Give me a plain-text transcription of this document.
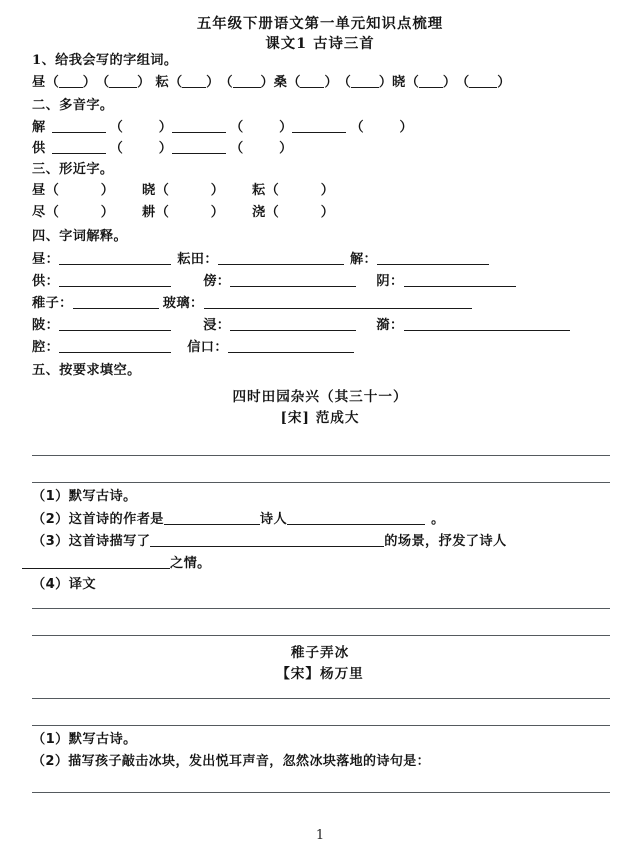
五年级下册语文第一单元知识点梳理
课文1 古诗三首
1、给我会写的字组词。
昼（ ）（ ） 耘（ ）（ ）桑（ ）（ ）晓（ ）（ ）
二、多音字。
解	（	）	（	）	（	）
供	（	）	（	）
三、形近字。
昼（	） 晓（	） 耘（	）
尽（	） 耕（	） 浇（	）
四、字词解释。
昼：	耘田：	解：
供：	傍：	阴：
稚子：	玻璃：
陂：	浸：	漪：
腔：	信口：
五、按要求填空。
四时田园杂兴（其三十一）
[宋] 范成大
（1）默写古诗。
（2）这首诗的作者是	诗人	。
（3）这首诗描写了	的场景，抒发了诗人
之情。
（4）译文
稚子弄冰
【宋】杨万里
（1）默写古诗。
（2）描写孩子敲击冰块，发出悦耳声音，忽然冰块落地的诗句是：
1
